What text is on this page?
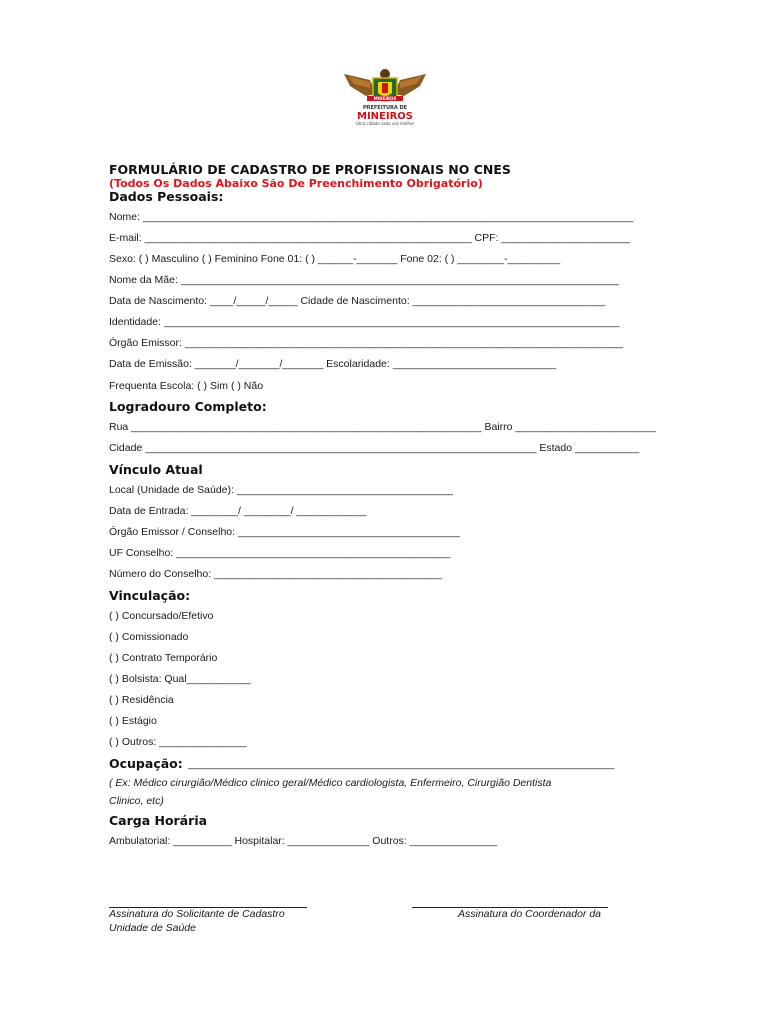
MINEIROS
PREFEITURA DE
MINEIROS
Uma cidade cada vez melhor
FORMULÁRIO DE CADASTRO DE PROFISSIONAIS NO CNES
(Todos Os Dados Abaixo São De Preenchimento Obrigatório)
Dados Pessoais:
Nome: ____________________________________________________________________________________
E-mail: ________________________________________________________ CPF: ______________________
Sexo: ( ) Masculino ( ) Feminino Fone 01: ( ) ______-_______ Fone 02: ( ) ________-_________
Nome da Mãe: ___________________________________________________________________________
Data de Nascimento: ____/_____/_____ Cidade de Nascimento: _________________________________
Identidade: ______________________________________________________________________________
Órgão Emissor: ___________________________________________________________________________
Data de Emissão: _______/_______/_______ Escolaridade: ____________________________
Frequenta Escola: ( ) Sim ( ) Não
Logradouro Completo:
Rua ____________________________________________________________ Bairro ________________________
Cidade ___________________________________________________________________ Estado ___________
Vínculo Atual
Local (Unidade de Saúde): _____________________________________
Data de Entrada: ________/ ________/ ____________
Órgão Emissor / Conselho: ______________________________________
UF Conselho: _______________________________________________
Número do Conselho: _______________________________________
Vinculação:
( ) Concursado/Efetivo
( ) Comissionado
( ) Contrato Temporário
( ) Bolsista: Qual___________
( ) Residência
( ) Estágio
( ) Outros: _______________
Ocupação: _________________________________________________________________________
( Ex: Médico cirurgião/Médico clinico geral/Médico cardiologista, Enfermeiro, Cirurgião Dentista
Clinico, etc)
Carga Horária
Ambulatorial: __________ Hospitalar: ______________ Outros: _______________
Assinatura do Solicitante de Cadastro
Unidade de Saúde
Assinatura do Coordenador da
